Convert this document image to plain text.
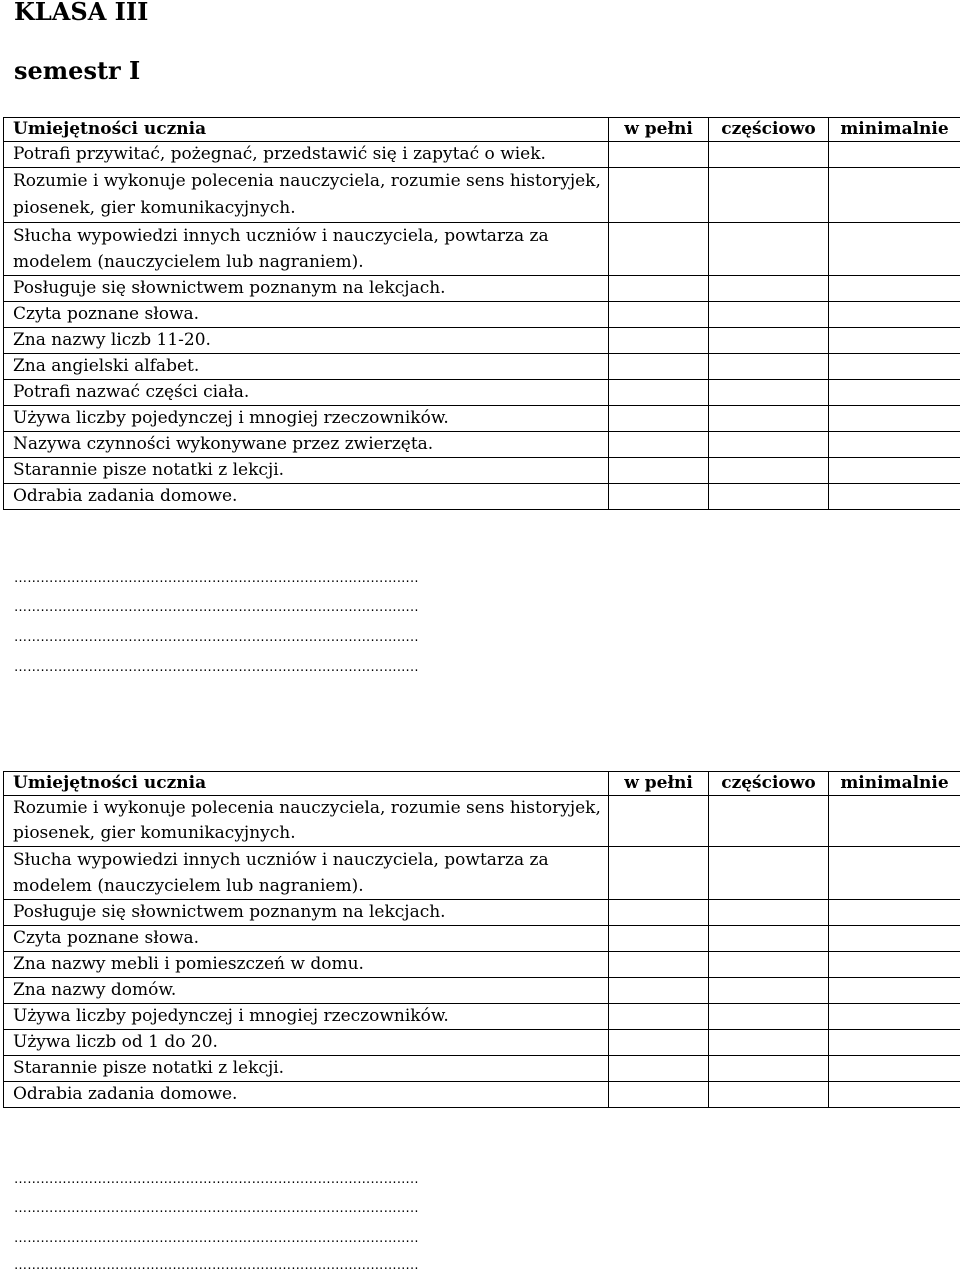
KLASA III
semestr I
Umiejętności ucznia	w pełni	częściowo	minimalnie
Potrafi przywitać, pożegnać, przedstawić się i zapytać o wiek.			
Rozumie i wykonuje polecenia nauczyciela, rozumie sens historyjek, piosenek, gier komunikacyjnych.			
Słucha wypowiedzi innych uczniów i nauczyciela, powtarza za modelem (nauczycielem lub nagraniem).			
Posługuje się słownictwem poznanym na lekcjach.			
Czyta poznane słowa.			
Zna nazwy liczb 11-20.			
Zna angielski alfabet.			
Potrafi nazwać części ciała.			
Używa liczby pojedynczej i mnogiej rzeczowników.			
Nazywa czynności wykonywane przez zwierzęta.			
Starannie pisze notatki z lekcji.			
Odrabia zadania domowe.			
………………………………………………………………………………..
………………………………………………………………………………..
………………………………………………………………………………..
………………………………………………………………………………..
Umiejętności ucznia	w pełni	częściowo	minimalnie
Rozumie i wykonuje polecenia nauczyciela, rozumie sens historyjek, piosenek, gier komunikacyjnych.			
Słucha wypowiedzi innych uczniów i nauczyciela, powtarza za modelem (nauczycielem lub nagraniem).			
Posługuje się słownictwem poznanym na lekcjach.			
Czyta poznane słowa.			
Zna nazwy mebli i pomieszczeń w domu.			
Zna nazwy domów.			
Używa liczby pojedynczej i mnogiej rzeczowników.			
Używa liczb od 1 do 20.			
Starannie pisze notatki z lekcji.			
Odrabia zadania domowe.			
………………………………………………………………………………..
………………………………………………………………………………..
………………………………………………………………………………..
………………………………………………………………………………..
